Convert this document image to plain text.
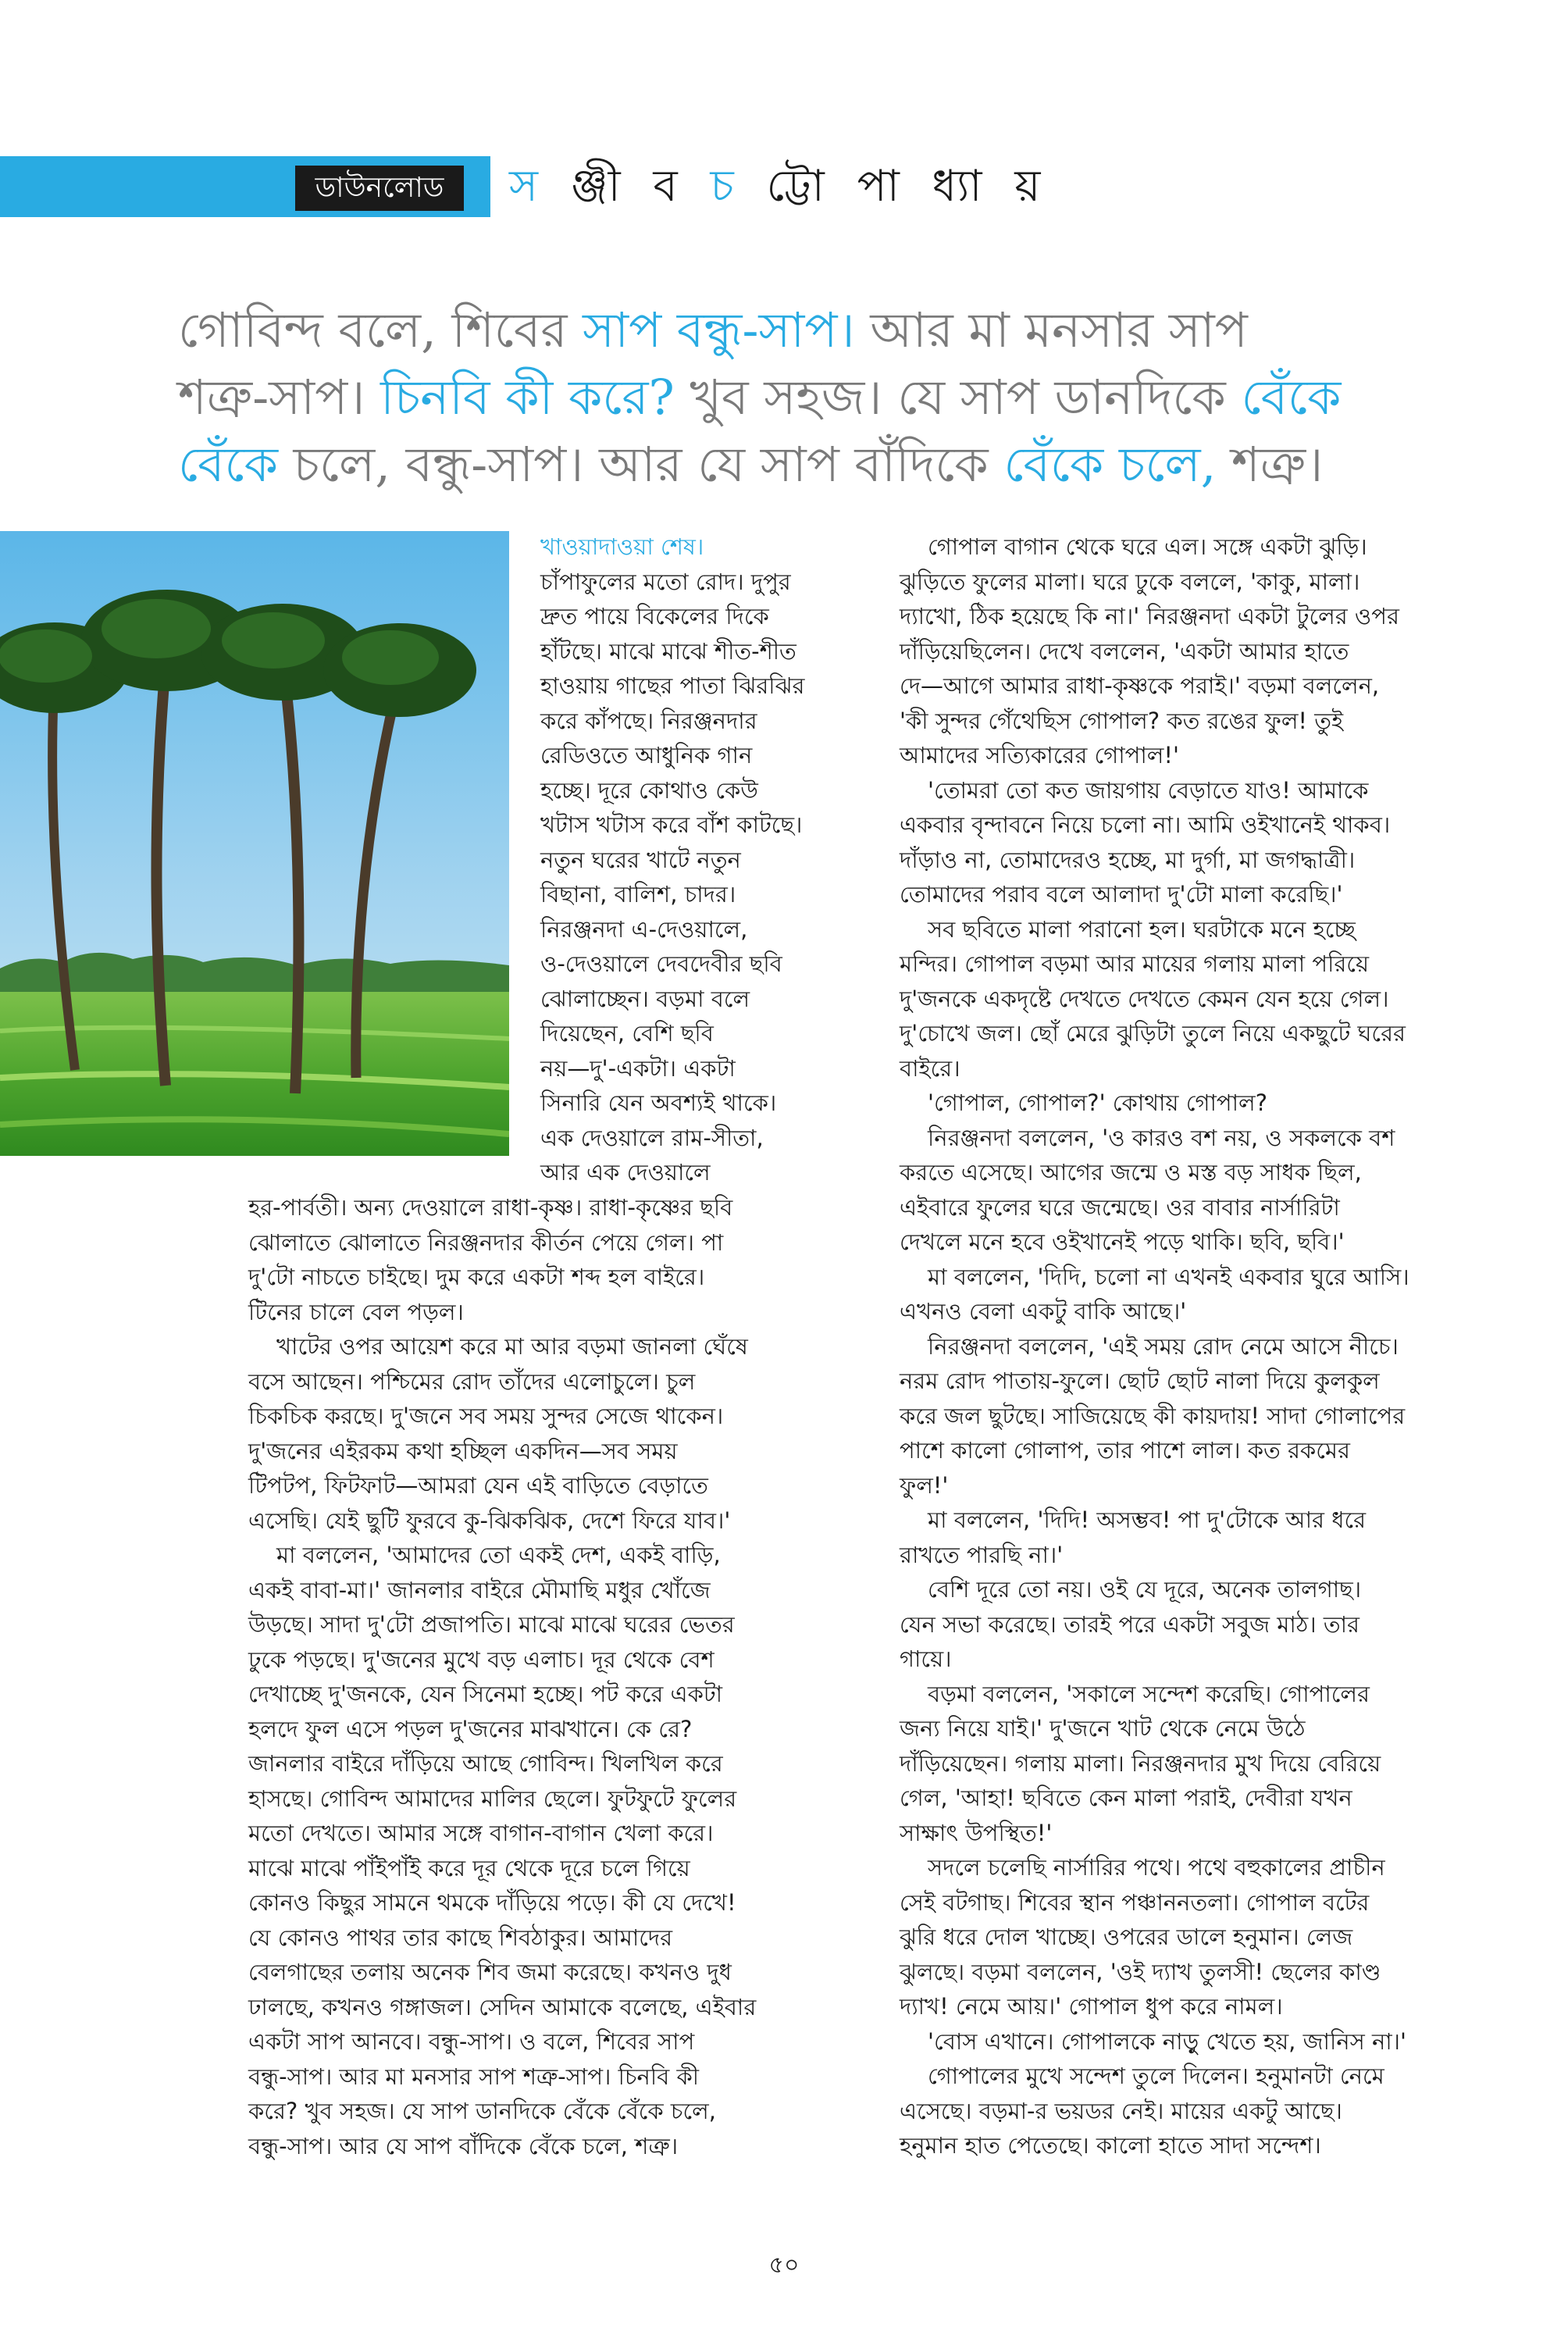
ডাউনলোড	স ঞ্জী ব চ ট্টো পা ধ্যা য়
গোবিন্দ বলে, শিবের সাপ বন্ধু-সাপ। আর মা মনসার সাপ
শত্রু-সাপ। চিনবি কী করে? খুব সহজ। যে সাপ ডানদিকে বেঁকে
বেঁকে চলে, বন্ধু-সাপ। আর যে সাপ বাঁদিকে বেঁকে চলে, শত্রু।

খাওয়াদাওয়া শেষ।

চাঁপাফুলের মতো রোদ। দুপুর

দ্রুত পায়ে বিকেলের দিকে

হাঁটছে। মাঝে মাঝে শীত-শীত

হাওয়ায় গাছের পাতা ঝিরঝির

করে কাঁপছে। নিরঞ্জনদার

রেডিওতে আধুনিক গান

হচ্ছে। দূরে কোথাও কেউ

খটাস খটাস করে বাঁশ কাটছে।

নতুন ঘরের খাটে নতুন

বিছানা, বালিশ, চাদর।

নিরঞ্জনদা এ-দেওয়ালে,

ও-দেওয়ালে দেবদেবীর ছবি

ঝোলাচ্ছেন। বড়মা বলে

দিয়েছেন, বেশি ছবি

নয়—দু'-একটা। একটা

সিনারি যেন অবশ্যই থাকে।

এক দেওয়ালে রাম-সীতা,

আর এক দেওয়ালে

হর-পার্বতী। অন্য দেওয়ালে রাধা-কৃষ্ণ। রাধা-কৃষ্ণের ছবি

ঝোলাতে ঝোলাতে নিরঞ্জনদার কীর্তন পেয়ে গেল। পা

দু'টো নাচতে চাইছে। দুম করে একটা শব্দ হল বাইরে।

টিনের চালে বেল পড়ল।

খাটের ওপর আয়েশ করে মা আর বড়মা জানলা ঘেঁষে

বসে আছেন। পশ্চিমের রোদ তাঁদের এলোচুলে। চুল

চিকচিক করছে। দু'জনে সব সময় সুন্দর সেজে থাকেন।

দু'জনের এইরকম কথা হচ্ছিল একদিন—সব সময়

টিপটপ, ফিটফাট—আমরা যেন এই বাড়িতে বেড়াতে

এসেছি। যেই ছুটি ফুরবে কু-ঝিকঝিক, দেশে ফিরে যাব।'

মা বললেন, 'আমাদের তো একই দেশ, একই বাড়ি,

একই বাবা-মা।' জানলার বাইরে মৌমাছি মধুর খোঁজে

উড়ছে। সাদা দু'টো প্রজাপতি। মাঝে মাঝে ঘরের ভেতর

ঢুকে পড়ছে। দু'জনের মুখে বড় এলাচ। দূর থেকে বেশ

দেখাচ্ছে দু'জনকে, যেন সিনেমা হচ্ছে। পট করে একটা

হলদে ফুল এসে পড়ল দু'জনের মাঝখানে। কে রে?

জানলার বাইরে দাঁড়িয়ে আছে গোবিন্দ। খিলখিল করে

হাসছে। গোবিন্দ আমাদের মালির ছেলে। ফুটফুটে ফুলের

মতো দেখতে। আমার সঙ্গে বাগান-বাগান খেলা করে।

মাঝে মাঝে পাঁইপাঁই করে দূর থেকে দূরে চলে গিয়ে

কোনও কিছুর সামনে থমকে দাঁড়িয়ে পড়ে। কী যে দেখে!

যে কোনও পাথর তার কাছে শিবঠাকুর। আমাদের

বেলগাছের তলায় অনেক শিব জমা করেছে। কখনও দুধ

ঢালছে, কখনও গঙ্গাজল। সেদিন আমাকে বলেছে, এইবার

একটা সাপ আনবে। বন্ধু-সাপ। ও বলে, শিবের সাপ

বন্ধু-সাপ। আর মা মনসার সাপ শত্রু-সাপ। চিনবি কী

করে? খুব সহজ। যে সাপ ডানদিকে বেঁকে বেঁকে চলে,

বন্ধু-সাপ। আর যে সাপ বাঁদিকে বেঁকে চলে, শত্রু।

গোপাল বাগান থেকে ঘরে এল। সঙ্গে একটা ঝুড়ি।

ঝুড়িতে ফুলের মালা। ঘরে ঢুকে বললে, 'কাকু, মালা।

দ্যাখো, ঠিক হয়েছে কি না।' নিরঞ্জনদা একটা টুলের ওপর

দাঁড়িয়েছিলেন। দেখে বললেন, 'একটা আমার হাতে

দে—আগে আমার রাধা-কৃষ্ণকে পরাই।' বড়মা বললেন,

'কী সুন্দর গেঁথেছিস গোপাল? কত রঙের ফুল! তুই

আমাদের সত্যিকারের গোপাল!'

'তোমরা তো কত জায়গায় বেড়াতে যাও! আমাকে

একবার বৃন্দাবনে নিয়ে চলো না। আমি ওইখানেই থাকব।

দাঁড়াও না, তোমাদেরও হচ্ছে, মা দুর্গা, মা জগদ্ধাত্রী।

তোমাদের পরাব বলে আলাদা দু'টো মালা করেছি।'

সব ছবিতে মালা পরানো হল। ঘরটাকে মনে হচ্ছে

মন্দির। গোপাল বড়মা আর মায়ের গলায় মালা পরিয়ে

দু'জনকে একদৃষ্টে দেখতে দেখতে কেমন যেন হয়ে গেল।

দু'চোখে জল। ছোঁ মেরে ঝুড়িটা তুলে নিয়ে একছুটে ঘরের

বাইরে।

'গোপাল, গোপাল?' কোথায় গোপাল?

নিরঞ্জনদা বললেন, 'ও কারও বশ নয়, ও সকলকে বশ

করতে এসেছে। আগের জন্মে ও মস্ত বড় সাধক ছিল,

এইবারে ফুলের ঘরে জন্মেছে। ওর বাবার নার্সারিটা

দেখলে মনে হবে ওইখানেই পড়ে থাকি। ছবি, ছবি।'

মা বললেন, 'দিদি, চলো না এখনই একবার ঘুরে আসি।

এখনও বেলা একটু বাকি আছে।'

নিরঞ্জনদা বললেন, 'এই সময় রোদ নেমে আসে নীচে।

নরম রোদ পাতায়-ফুলে। ছোট ছোট নালা দিয়ে কুলকুল

করে জল ছুটছে। সাজিয়েছে কী কায়দায়! সাদা গোলাপের

পাশে কালো গোলাপ, তার পাশে লাল। কত রকমের

ফুল!'

মা বললেন, 'দিদি! অসম্ভব! পা দু'টোকে আর ধরে

রাখতে পারছি না।'

বেশি দূরে তো নয়। ওই যে দূরে, অনেক তালগাছ।

যেন সভা করেছে। তারই পরে একটা সবুজ মাঠ। তার

গায়ে।

বড়মা বললেন, 'সকালে সন্দেশ করেছি। গোপালের

জন্য নিয়ে যাই।' দু'জনে খাট থেকে নেমে উঠে

দাঁড়িয়েছেন। গলায় মালা। নিরঞ্জনদার মুখ দিয়ে বেরিয়ে

গেল, 'আহা! ছবিতে কেন মালা পরাই, দেবীরা যখন

সাক্ষাৎ উপস্থিত!'

সদলে চলেছি নার্সারির পথে। পথে বহুকালের প্রাচীন

সেই বটগাছ। শিবের স্থান পঞ্চাননতলা। গোপাল বটের

ঝুরি ধরে দোল খাচ্ছে। ওপরের ডালে হনুমান। লেজ

ঝুলছে। বড়মা বললেন, 'ওই দ্যাখ তুলসী! ছেলের কাণ্ড

দ্যাখ! নেমে আয়।' গোপাল ধুপ করে নামল।

'বোস এখানে। গোপালকে নাড়ু খেতে হয়, জানিস না।'

গোপালের মুখে সন্দেশ তুলে দিলেন। হনুমানটা নেমে

এসেছে। বড়মা-র ভয়ডর নেই। মায়ের একটু আছে।

হনুমান হাত পেতেছে। কালো হাতে সাদা সন্দেশ।

৫০
